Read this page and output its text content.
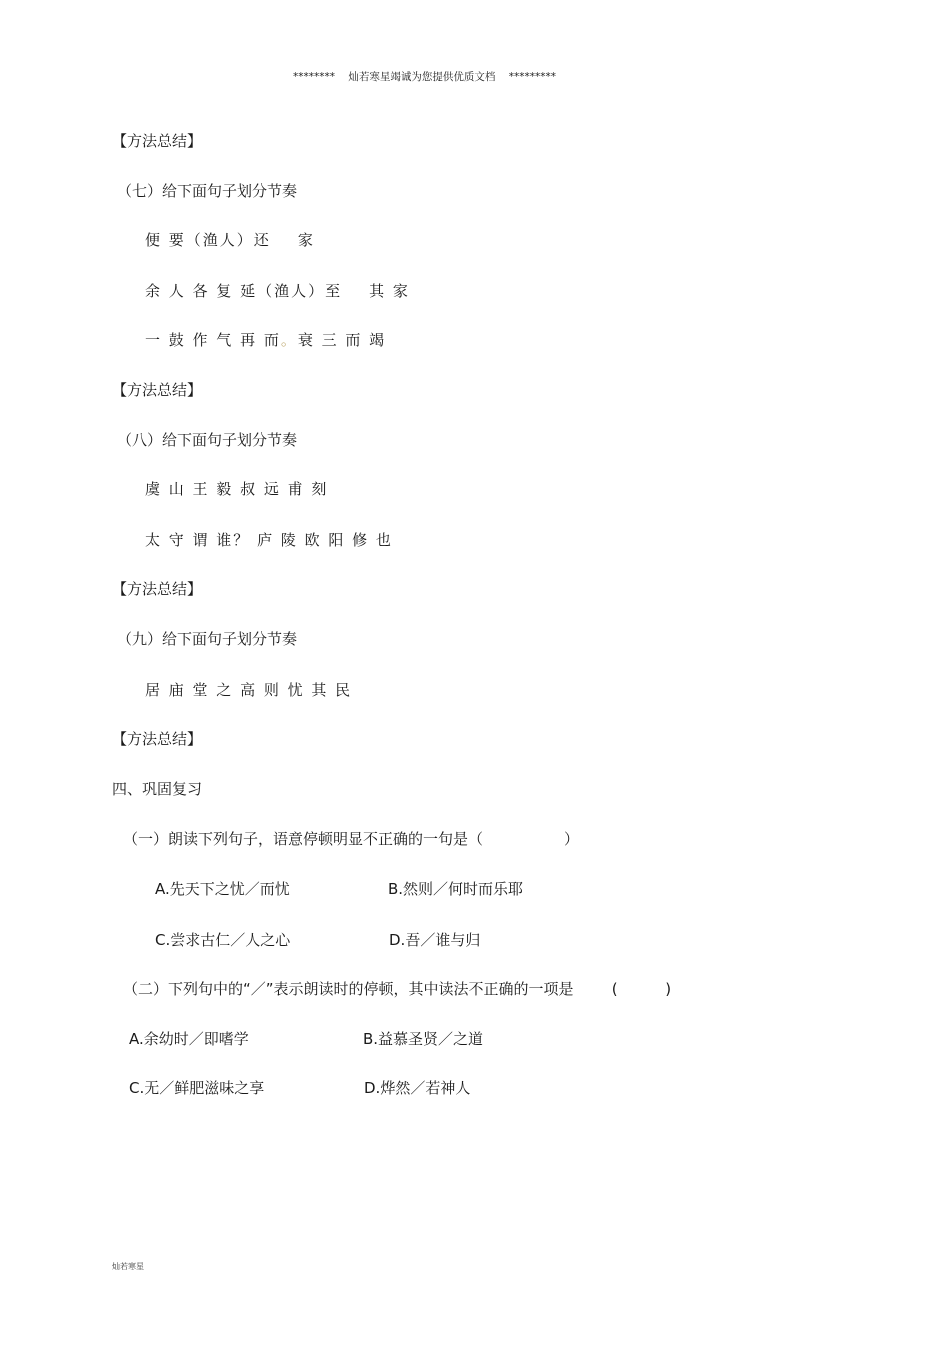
********    灿若寒星竭诚为您提供优质文档    *********
【方法总结】
（七）给下面句子划分节奏
便 要（渔人）还    家
余 人 各 复 延（渔人）至    其 家
一 鼓 作 气 再 而。衰 三 而 竭
【方法总结】
（八）给下面句子划分节奏
虞 山 王 毅 叔 远 甫 刻
太 守 谓 谁？ 庐 陵 欧 阳 修 也
【方法总结】
（九）给下面句子划分节奏
居 庙 堂 之 高 则 忧 其 民
【方法总结】
四、巩固复习
（一）朗读下列句子，语意停顿明显不正确的一句是（                 ）
A.先天下之忧／而忧	B.然则／何时而乐耶
C.尝求古仁／人之心	D.吾／谁与归
（二）下列句中的“／”表示朗读时的停顿，其中读法不正确的一项是        (          )
A.余幼时／即嗜学	B.益慕圣贤／之道
C.无／鲜肥滋味之享	D.烨然／若神人
灿若寒星
